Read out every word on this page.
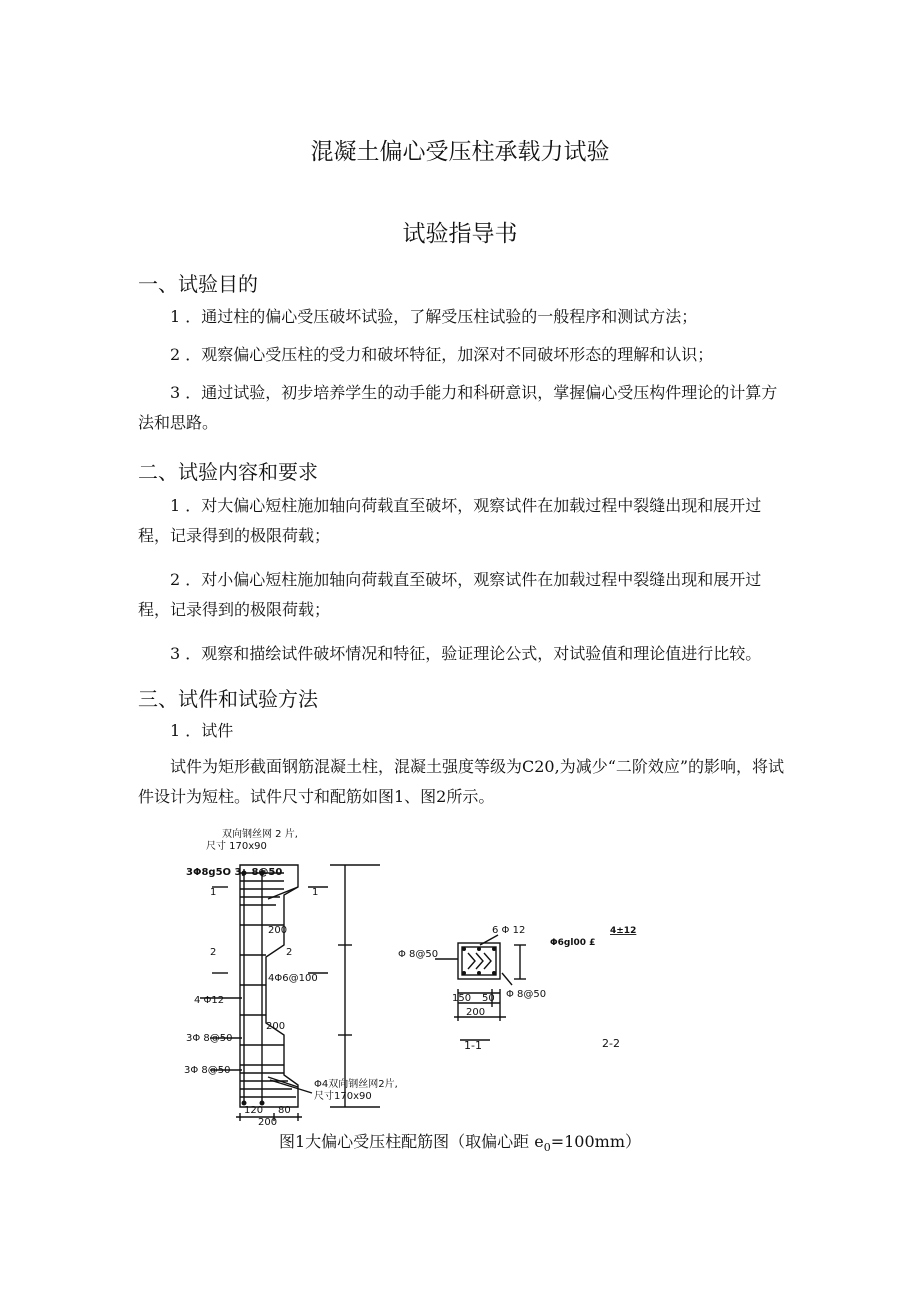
混凝土偏心受压柱承载力试验
试验指导书
一、试验目的
1 ．通过柱的偏心受压破坏试验，了解受压柱试验的一般程序和测试方法；
2 ．观察偏心受压柱的受力和破坏特征，加深对不同破坏形态的理解和认识；
3 ．通过试验，初步培养学生的动手能力和科研意识，掌握偏心受压构件理论的计算方法和思路。
二、试验内容和要求
1 ．对大偏心短柱施加轴向荷载直至破坏，观察试件在加载过程中裂缝出现和展开过程，记录得到的极限荷载；
2 ．对小偏心短柱施加轴向荷载直至破坏，观察试件在加载过程中裂缝出现和展开过程，记录得到的极限荷载；
3 ．观察和描绘试件破坏情况和特征，验证理论公式，对试验值和理论值进行比较。
三、试件和试验方法
1 ．试件
试件为矩形截面钢筋混凝土柱，混凝土强度等级为C20,为减少“二阶效应”的影响，将试件设计为短柱。试件尺寸和配筋如图1、图2所示。
双向钢丝网 2 片,
尺寸 170x90
3Φ8g5O 3。8@50
1	1
2	2
200
4Φ6@100
4 Φ12
200
3Φ 8@50
3Φ 8@50
Φ4双向钢丝网2片,
尺寸170x90
120 80
200
6 Φ 12
Φ 8@50
Φ 8@50
150 50
200
1-1
Φ6gl00 £
4±12
2-2
图1大偏心受压柱配筋图（取偏心距 $e_0=100mm$）
